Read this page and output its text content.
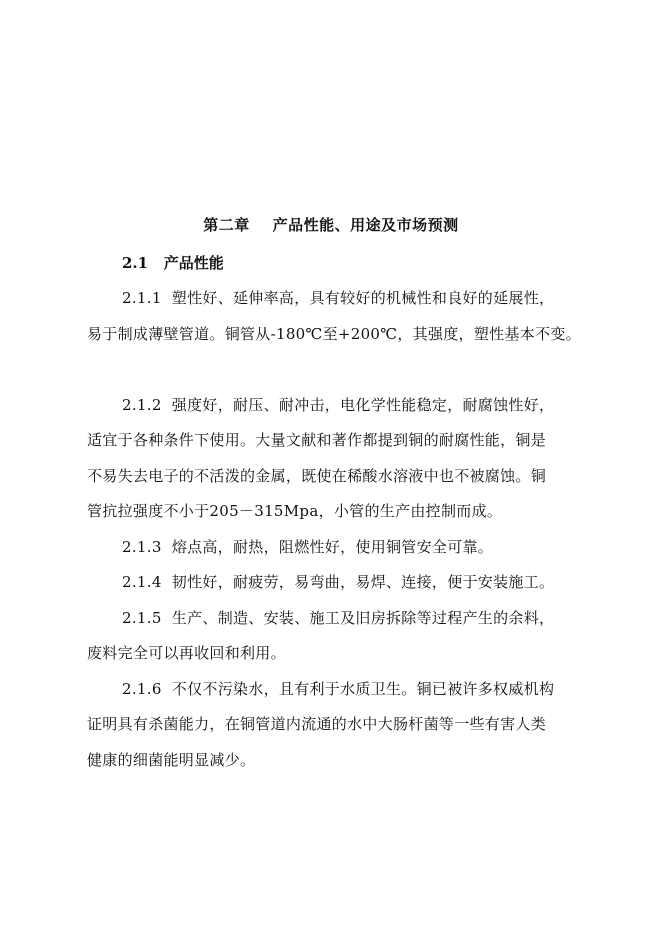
第二章    产品性能、用途及市场预测
2.1   产品性能
2.1.1  塑性好、延伸率高，具有较好的机械性和良好的延展性，
易于制成薄壁管道。铜管从-180℃至+200℃，其强度，塑性基本不变。
2.1.2  强度好，耐压、耐冲击，电化学性能稳定，耐腐蚀性好，
适宜于各种条件下使用。大量文献和著作都提到铜的耐腐性能，铜是
不易失去电子的不活泼的金属，既使在稀酸水溶液中也不被腐蚀。铜
管抗拉强度不小于205－315Mpa，小管的生产由控制而成。
2.1.3  熔点高，耐热，阻燃性好，使用铜管安全可靠。
2.1.4  韧性好，耐疲劳，易弯曲，易焊、连接，便于安装施工。
2.1.5  生产、制造、安装、施工及旧房拆除等过程产生的余料，
废料完全可以再收回和利用。
2.1.6  不仅不污染水，且有利于水质卫生。铜已被许多权威机构
证明具有杀菌能力，在铜管道内流通的水中大肠杆菌等一些有害人类
健康的细菌能明显减少。
